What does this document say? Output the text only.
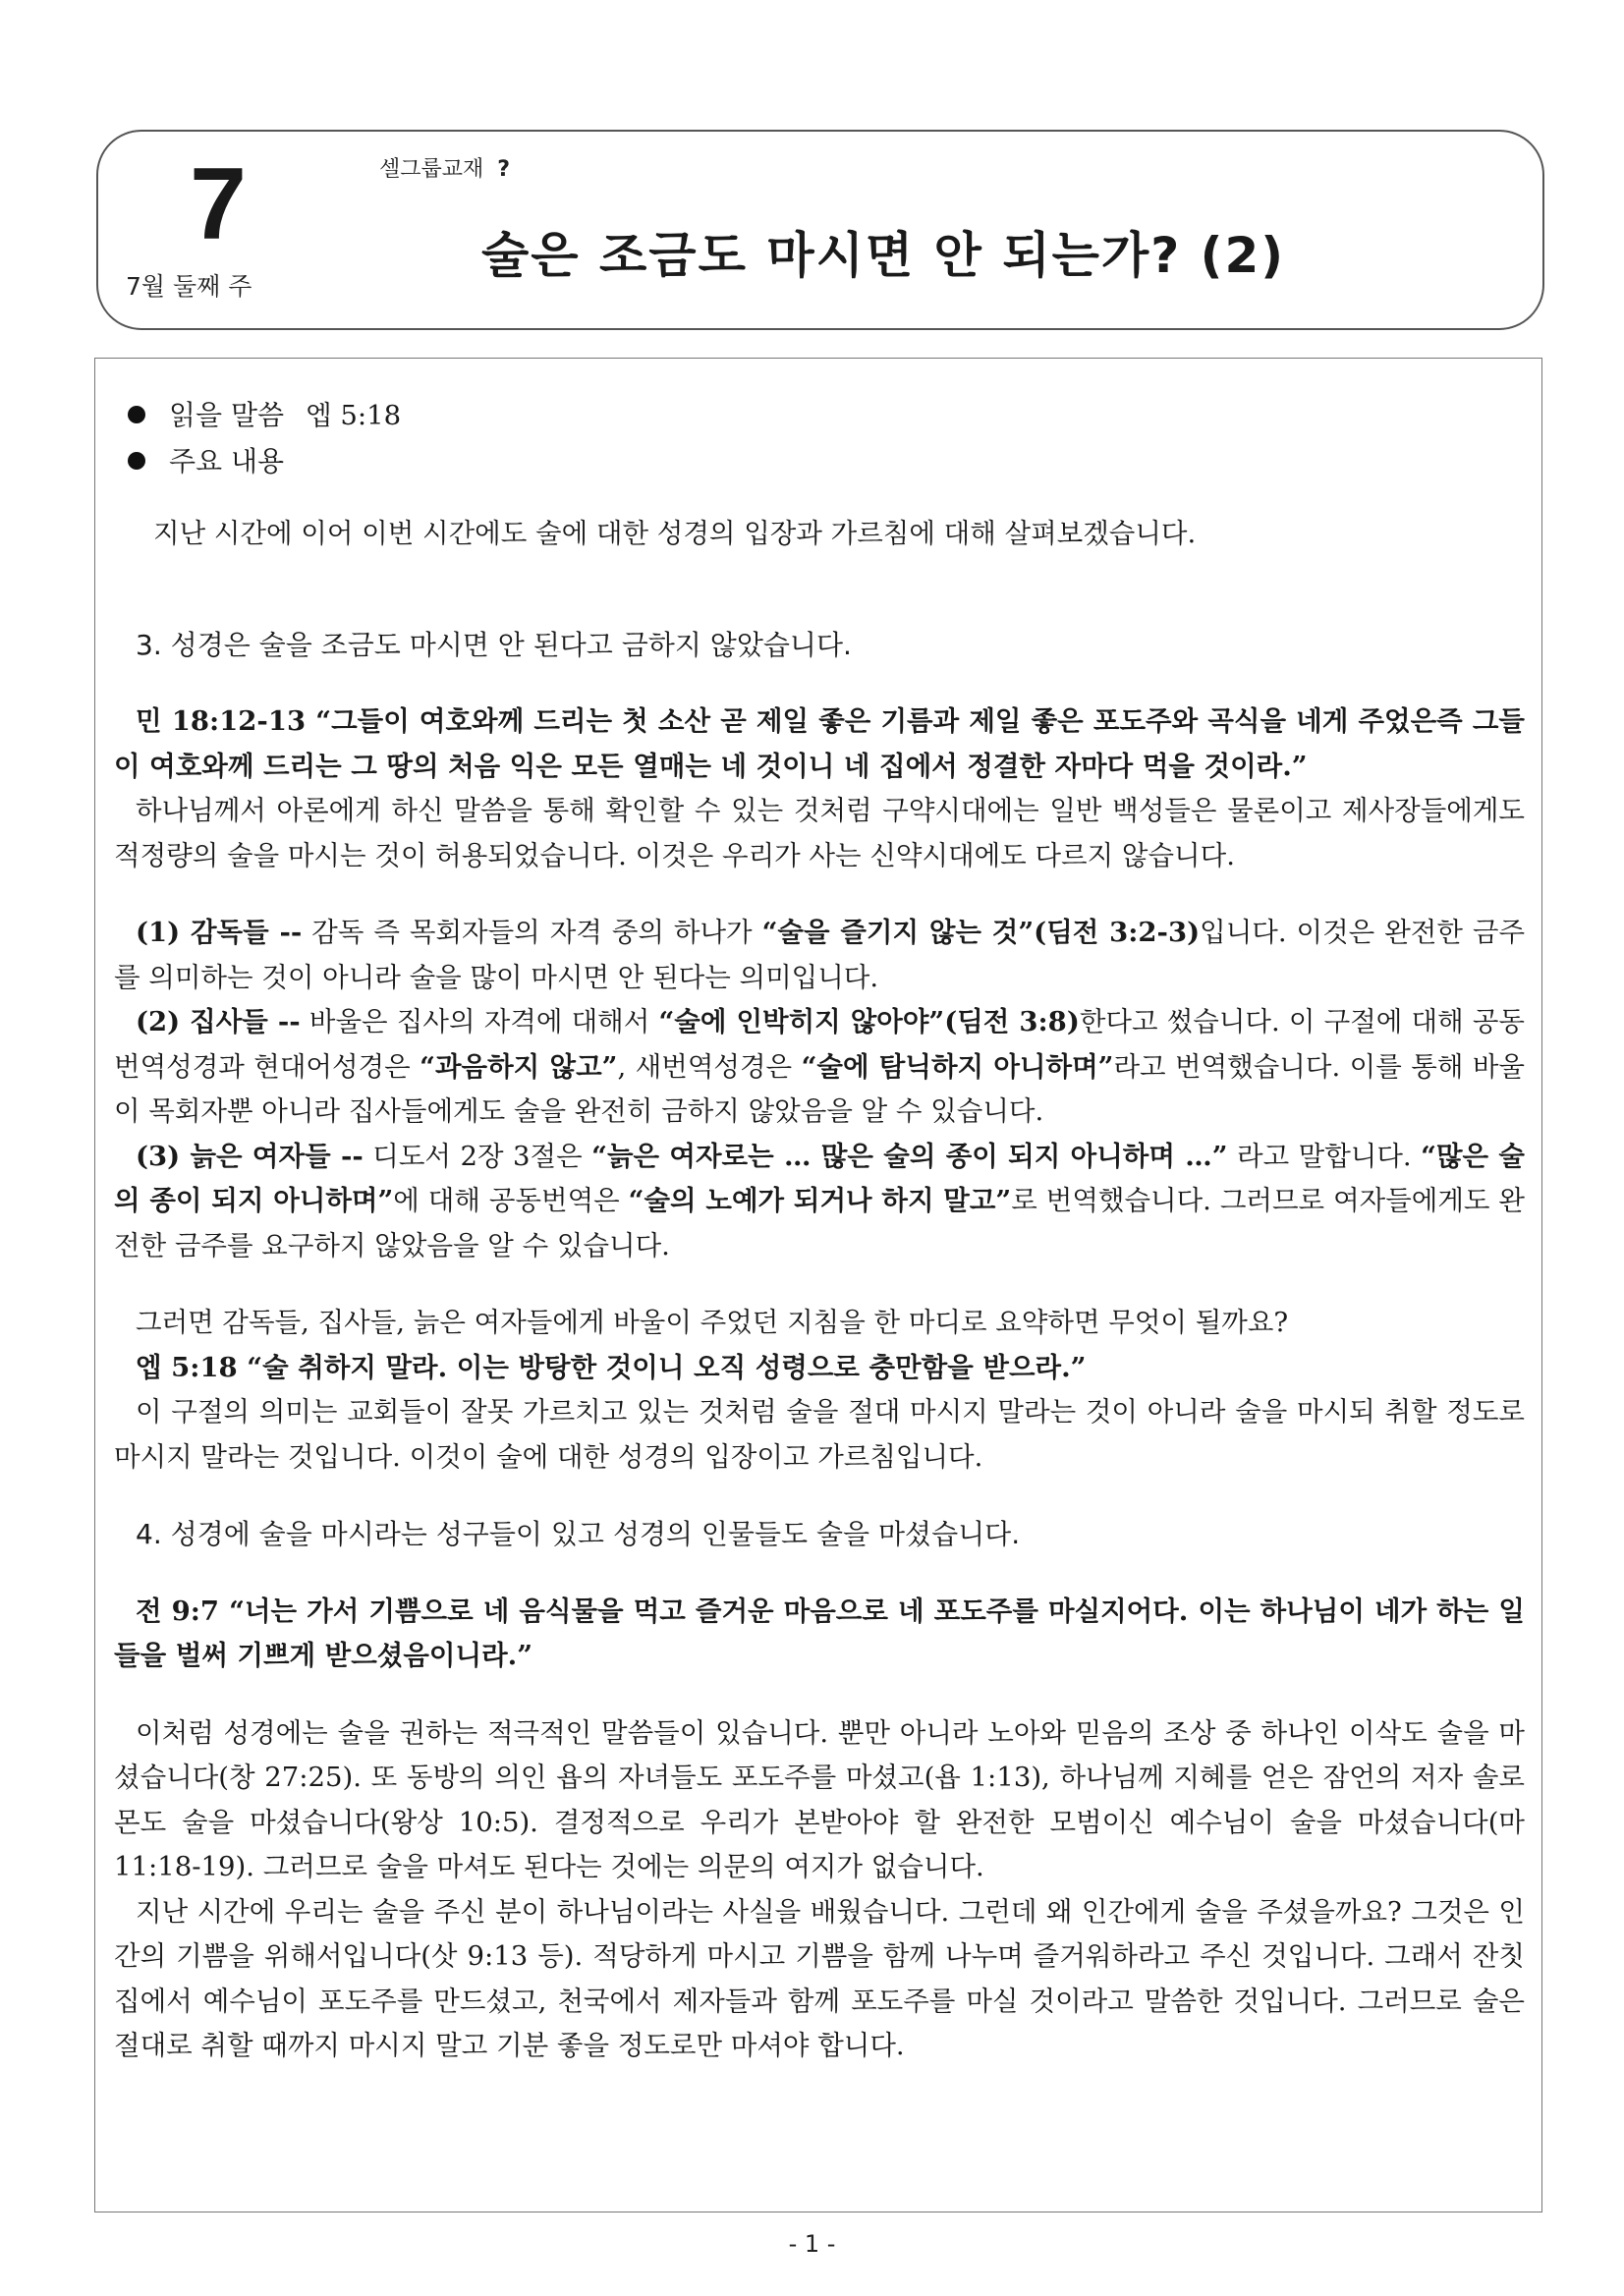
7
7월 둘째 주
셀그룹교재 ?
술은 조금도 마시면 안 되는가? (2)

읽을 말씀 엡 5:18

주요 내용

지난 시간에 이어 이번 시간에도 술에 대한 성경의 입장과 가르침에 대해 살펴보겠습니다.

3. 성경은 술을 조금도 마시면 안 된다고 금하지 않았습니다.

민 18:12-13 “그들이 여호와께 드리는 첫 소산 곧 제일 좋은 기름과 제일 좋은 포도주와 곡식을 네게 주었은즉 그들이 여호와께 드리는 그 땅의 처음 익은 모든 열매는 네 것이니 네 집에서 정결한 자마다 먹을 것이라.”

하나님께서 아론에게 하신 말씀을 통해 확인할 수 있는 것처럼 구약시대에는 일반 백성들은 물론이고 제사장들에게도 적정량의 술을 마시는 것이 허용되었습니다. 이것은 우리가 사는 신약시대에도 다르지 않습니다.

(1) 감독들 -- 감독 즉 목회자들의 자격 중의 하나가 “술을 즐기지 않는 것”(딤전 3:2-3)입니다. 이것은 완전한 금주를 의미하는 것이 아니라 술을 많이 마시면 안 된다는 의미입니다.

(2) 집사들 -- 바울은 집사의 자격에 대해서 “술에 인박히지 않아야”(딤전 3:8)한다고 썼습니다. 이 구절에 대해 공동번역성경과 현대어성경은 “과음하지 않고”, 새번역성경은 “술에 탐닉하지 아니하며”라고 번역했습니다. 이를 통해 바울이 목회자뿐 아니라 집사들에게도 술을 완전히 금하지 않았음을 알 수 있습니다.

(3) 늙은 여자들 -- 디도서 2장 3절은 “늙은 여자로는 … 많은 술의 종이 되지 아니하며 …” 라고 말합니다. “많은 술의 종이 되지 아니하며”에 대해 공동번역은 “술의 노예가 되거나 하지 말고”로 번역했습니다. 그러므로 여자들에게도 완전한 금주를 요구하지 않았음을 알 수 있습니다.

그러면 감독들, 집사들, 늙은 여자들에게 바울이 주었던 지침을 한 마디로 요약하면 무엇이 될까요?

엡 5:18 “술 취하지 말라. 이는 방탕한 것이니 오직 성령으로 충만함을 받으라.”

이 구절의 의미는 교회들이 잘못 가르치고 있는 것처럼 술을 절대 마시지 말라는 것이 아니라 술을 마시되 취할 정도로 마시지 말라는 것입니다. 이것이 술에 대한 성경의 입장이고 가르침입니다.

4. 성경에 술을 마시라는 성구들이 있고 성경의 인물들도 술을 마셨습니다.

전 9:7 “너는 가서 기쁨으로 네 음식물을 먹고 즐거운 마음으로 네 포도주를 마실지어다. 이는 하나님이 네가 하는 일들을 벌써 기쁘게 받으셨음이니라.”

이처럼 성경에는 술을 권하는 적극적인 말씀들이 있습니다. 뿐만 아니라 노아와 믿음의 조상 중 하나인 이삭도 술을 마셨습니다(창 27:25). 또 동방의 의인 욥의 자녀들도 포도주를 마셨고(욥 1:13), 하나님께 지혜를 얻은 잠언의 저자 솔로몬도 술을 마셨습니다(왕상 10:5). 결정적으로 우리가 본받아야 할 완전한 모범이신 예수님이 술을 마셨습니다(마 11:18-19). 그러므로 술을 마셔도 된다는 것에는 의문의 여지가 없습니다.

지난 시간에 우리는 술을 주신 분이 하나님이라는 사실을 배웠습니다. 그런데 왜 인간에게 술을 주셨을까요? 그것은 인간의 기쁨을 위해서입니다(삿 9:13 등). 적당하게 마시고 기쁨을 함께 나누며 즐거워하라고 주신 것입니다. 그래서 잔칫집에서 예수님이 포도주를 만드셨고, 천국에서 제자들과 함께 포도주를 마실 것이라고 말씀한 것입니다. 그러므로 술은 절대로 취할 때까지 마시지 말고 기분 좋을 정도로만 마셔야 합니다.

- 1 -
